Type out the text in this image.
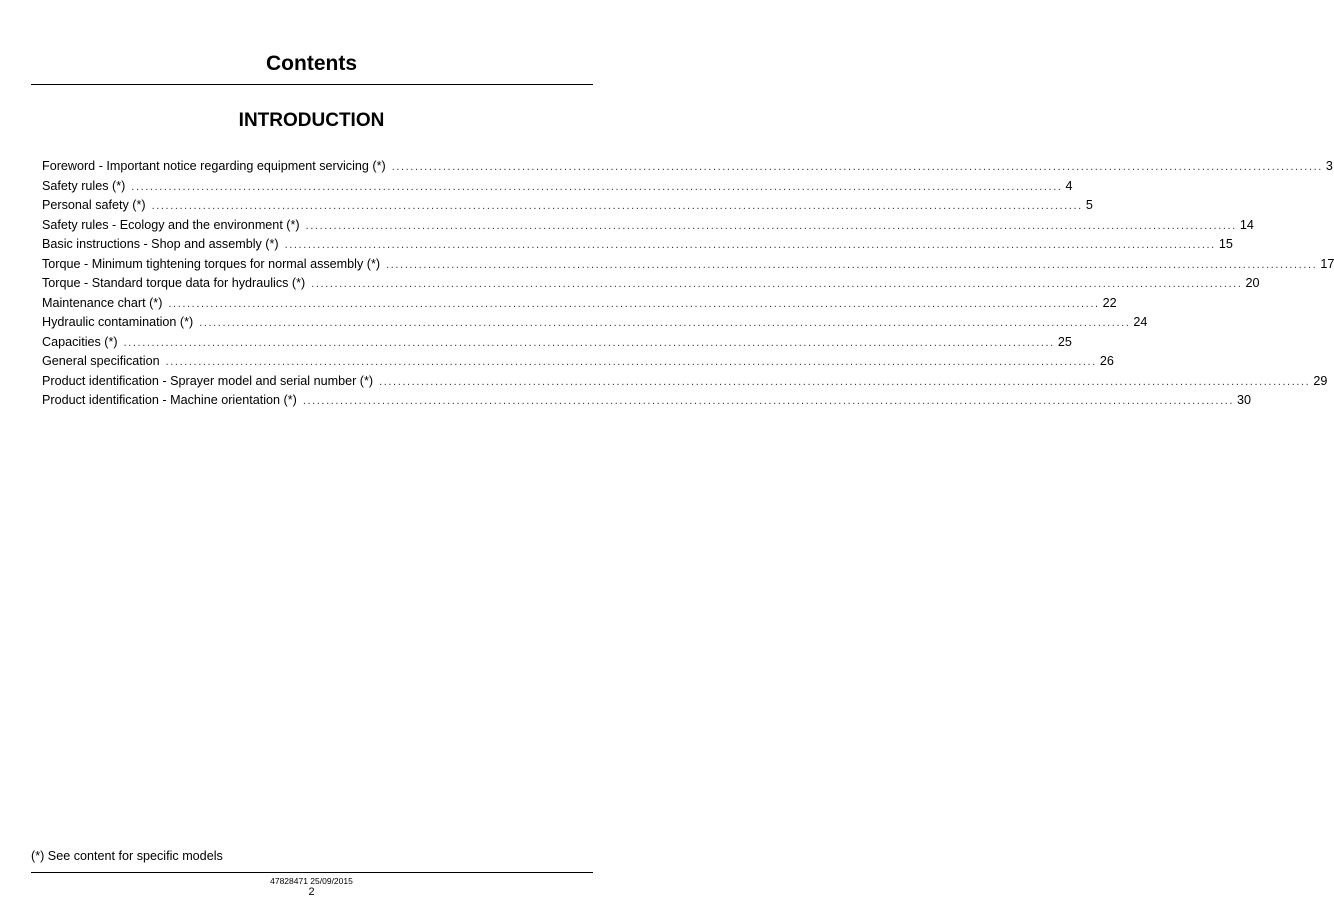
Contents
INTRODUCTION
Foreword - Important notice regarding equipment servicing (*) ........................................................................................................................................................................................................ 3
Safety rules (*) ........................................................................................................................................................................................................ 4
Personal safety (*) ........................................................................................................................................................................................................ 5
Safety rules - Ecology and the environment (*) ........................................................................................................................................................................................................ 14
Basic instructions - Shop and assembly (*) ........................................................................................................................................................................................................ 15
Torque - Minimum tightening torques for normal assembly (*) ........................................................................................................................................................................................................ 17
Torque - Standard torque data for hydraulics (*) ........................................................................................................................................................................................................ 20
Maintenance chart (*) ........................................................................................................................................................................................................ 22
Hydraulic contamination (*) ........................................................................................................................................................................................................ 24
Capacities (*) ........................................................................................................................................................................................................ 25
General specification ........................................................................................................................................................................................................ 26
Product identification - Sprayer model and serial number (*) ........................................................................................................................................................................................................ 29
Product identification - Machine orientation (*) ........................................................................................................................................................................................................ 30
(*) See content for specific models
47828471 25/09/2015
2
